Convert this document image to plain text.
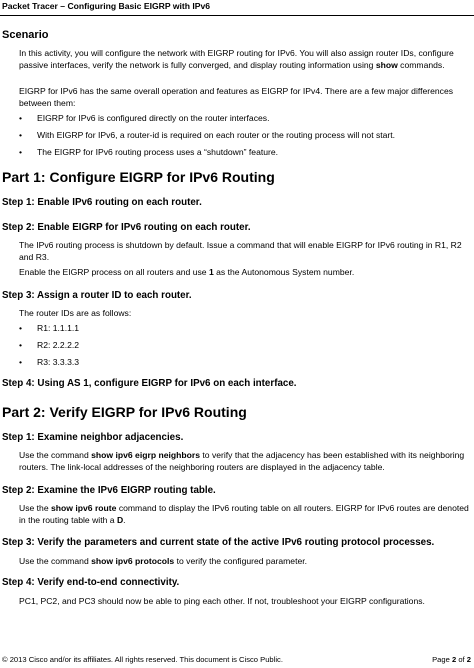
Packet Tracer – Configuring Basic EIGRP with IPv6
Scenario
In this activity, you will configure the network with EIGRP routing for IPv6. You will also assign router IDs, configure passive interfaces, verify the network is fully converged, and display routing information using show commands.
EIGRP for IPv6 has the same overall operation and features as EIGRP for IPv4. There are a few major differences between them:
• EIGRP for IPv6 is configured directly on the router interfaces.
• With EIGRP for IPv6, a router-id is required on each router or the routing process will not start.
• The EIGRP for IPv6 routing process uses a “shutdown” feature.
Part 1: Configure EIGRP for IPv6 Routing
Step 1: Enable IPv6 routing on each router.
Step 2: Enable EIGRP for IPv6 routing on each router.
The IPv6 routing process is shutdown by default. Issue a command that will enable EIGRP for IPv6 routing in R1, R2 and R3.
Enable the EIGRP process on all routers and use 1 as the Autonomous System number.
Step 3: Assign a router ID to each router.
The router IDs are as follows:
• R1: 1.1.1.1
• R2: 2.2.2.2
• R3: 3.3.3.3
Step 4: Using AS 1, configure EIGRP for IPv6 on each interface.
Part 2: Verify EIGRP for IPv6 Routing
Step 1: Examine neighbor adjacencies.
Use the command show ipv6 eigrp neighbors to verify that the adjacency has been established with its neighboring routers. The link-local addresses of the neighboring routers are displayed in the adjacency table.
Step 2: Examine the IPv6 EIGRP routing table.
Use the show ipv6 route command to display the IPv6 routing table on all routers. EIGRP for IPv6 routes are denoted in the routing table with a D.
Step 3: Verify the parameters and current state of the active IPv6 routing protocol processes.
Use the command show ipv6 protocols to verify the configured parameter.
Step 4: Verify end-to-end connectivity.
PC1, PC2, and PC3 should now be able to ping each other. If not, troubleshoot your EIGRP configurations.
© 2013 Cisco and/or its affiliates. All rights reserved. This document is Cisco Public.	Page 2 of 2
